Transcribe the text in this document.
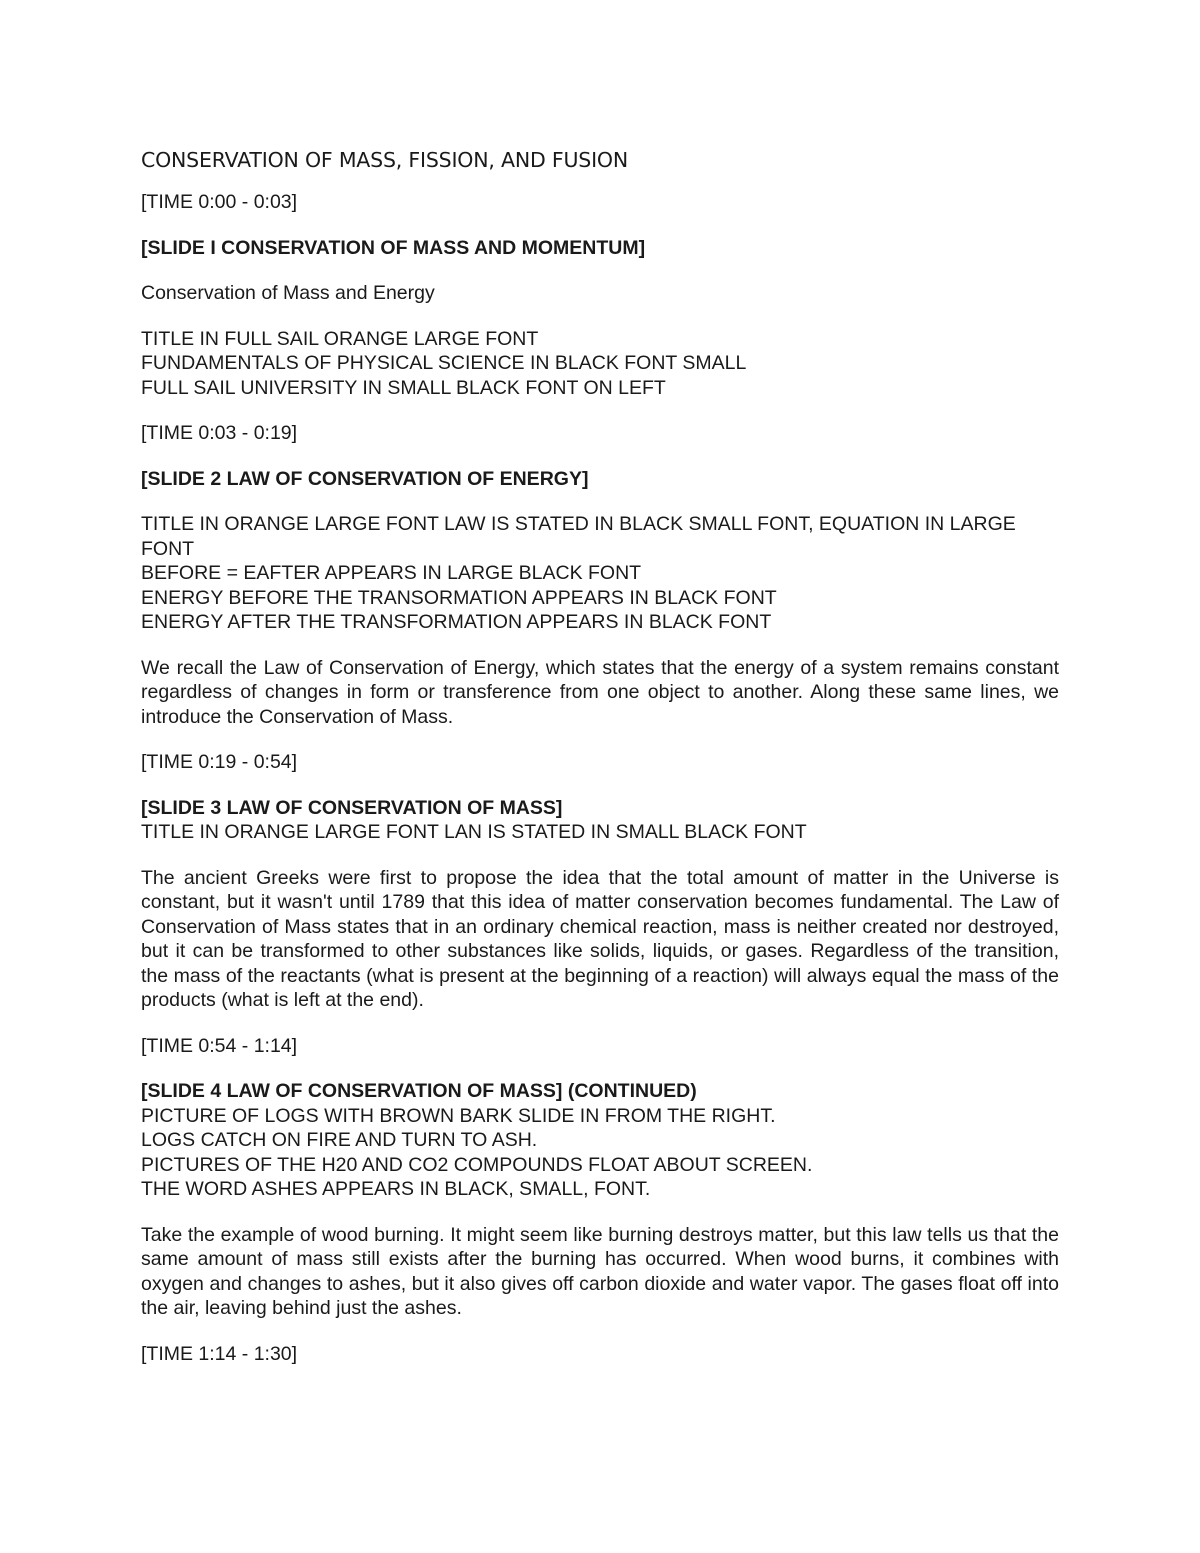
CONSERVATION OF MASS, FISSION, AND FUSION
[TIME 0:00 - 0:03]
[SLIDE I CONSERVATION OF MASS AND MOMENTUM]
Conservation of Mass and Energy
TITLE IN FULL SAIL ORANGE LARGE FONT
FUNDAMENTALS OF PHYSICAL SCIENCE IN BLACK FONT SMALL
FULL SAIL UNIVERSITY IN SMALL BLACK FONT ON LEFT
[TIME 0:03 - 0:19]
[SLIDE 2 LAW OF CONSERVATION OF ENERGY]
TITLE IN ORANGE LARGE FONT LAW IS STATED IN BLACK SMALL FONT, EQUATION IN LARGE FONT
BEFORE = EAFTER APPEARS IN LARGE BLACK FONT
ENERGY BEFORE THE TRANSORMATION APPEARS IN BLACK FONT
ENERGY AFTER THE TRANSFORMATION APPEARS IN BLACK FONT
We recall the Law of Conservation of Energy, which states that the energy of a system remains constant regardless of changes in form or transference from one object to another. Along these same lines, we introduce the Conservation of Mass.
[TIME 0:19 - 0:54]
[SLIDE 3 LAW OF CONSERVATION OF MASS]
TITLE IN ORANGE LARGE FONT LAN IS STATED IN SMALL BLACK FONT
The ancient Greeks were first to propose the idea that the total amount of matter in the Universe is constant, but it wasn't until 1789 that this idea of matter conservation becomes fundamental. The Law of Conservation of Mass states that in an ordinary chemical reaction, mass is neither created nor destroyed, but it can be transformed to other substances like solids, liquids, or gases. Regardless of the transition, the mass of the reactants (what is present at the beginning of a reaction) will always equal the mass of the products (what is left at the end).
[TIME 0:54 - 1:14]
[SLIDE 4 LAW OF CONSERVATION OF MASS] (CONTINUED)
PICTURE OF LOGS WITH BROWN BARK SLIDE IN FROM THE RIGHT.
LOGS CATCH ON FIRE AND TURN TO ASH.
PICTURES OF THE H20 AND CO2 COMPOUNDS FLOAT ABOUT SCREEN.
THE WORD ASHES APPEARS IN BLACK, SMALL, FONT.
Take the example of wood burning. It might seem like burning destroys matter, but this law tells us that the same amount of mass still exists after the burning has occurred. When wood burns, it combines with oxygen and changes to ashes, but it also gives off carbon dioxide and water vapor. The gases float off into the air, leaving behind just the ashes.
[TIME 1:14 - 1:30]
